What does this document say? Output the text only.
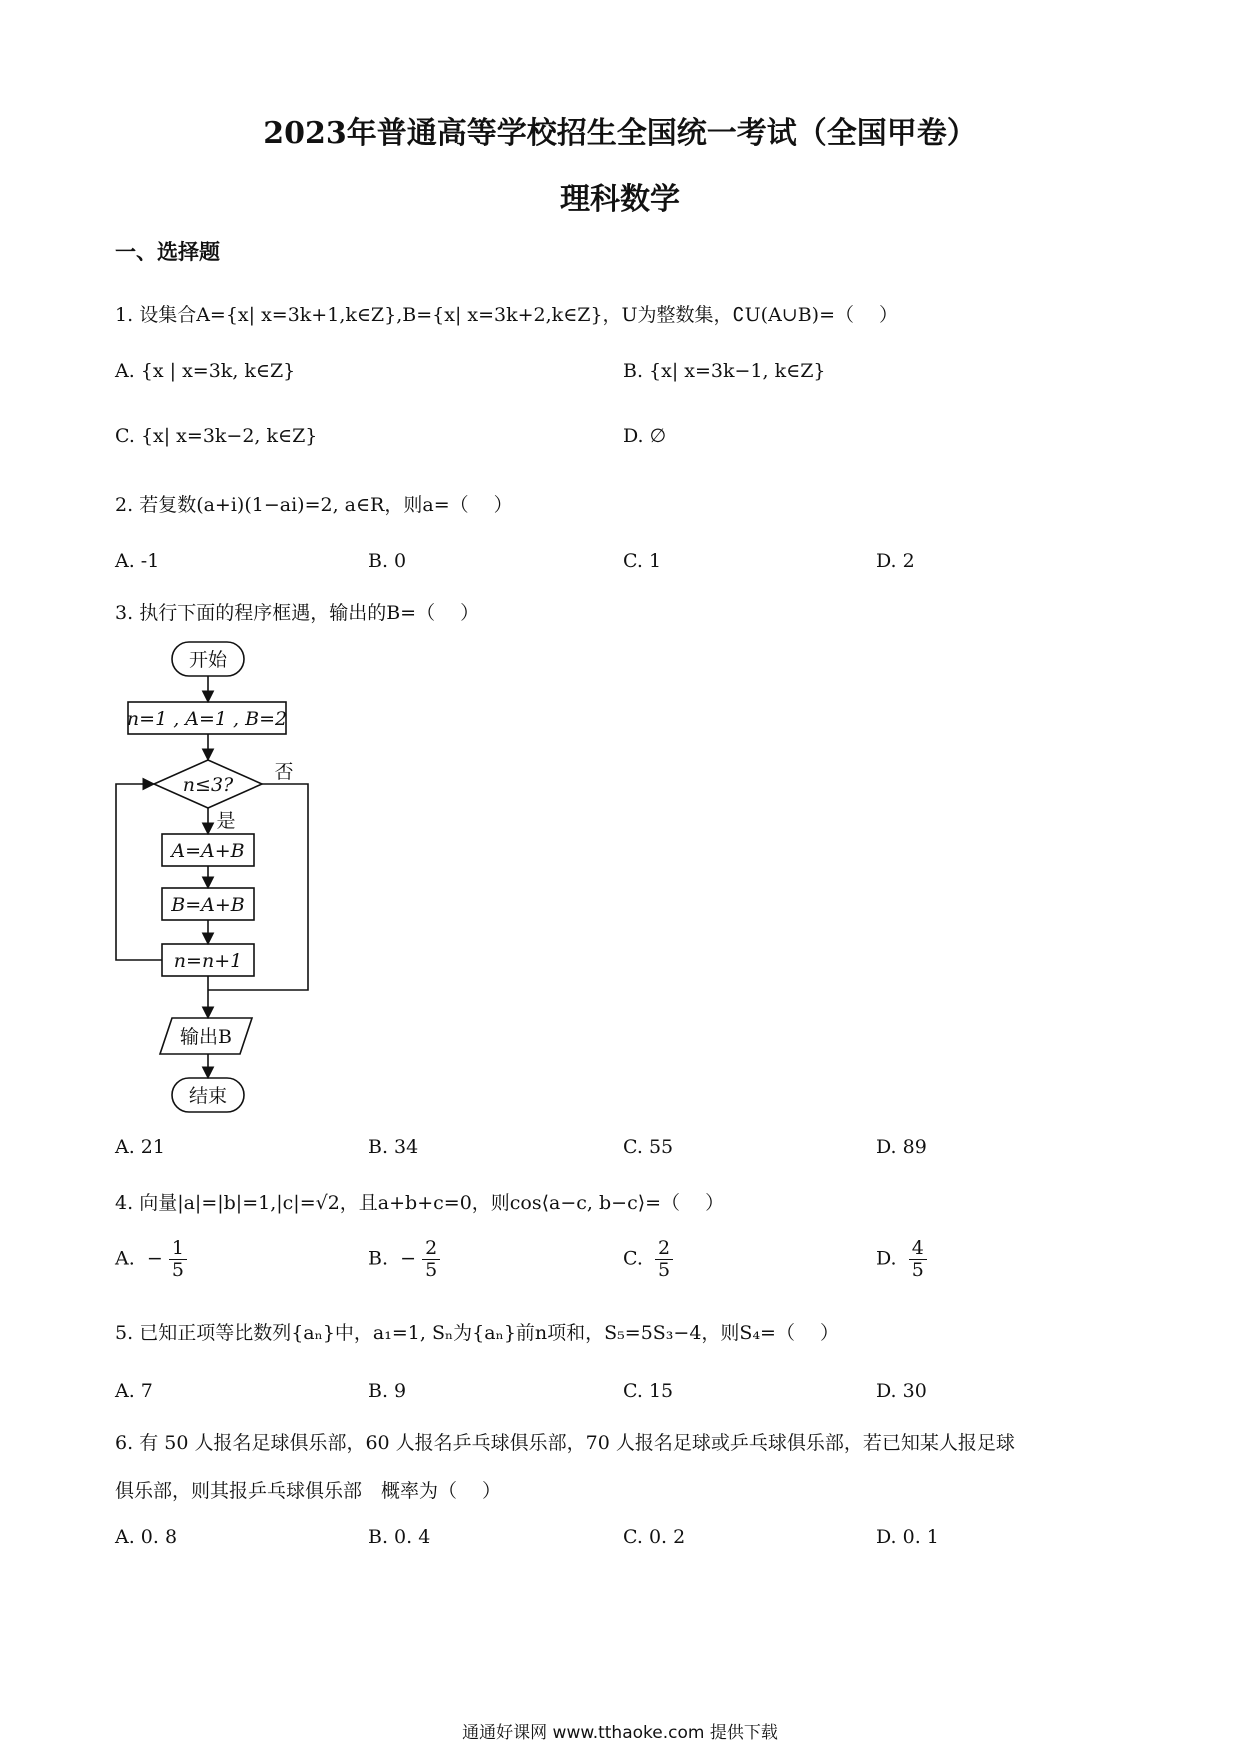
2023年普通高等学校招生全国统一考试（全国甲卷）
理科数学
一、选择题
1. 设集合A={x| x=3k+1,k∈Z},B={x| x=3k+2,k∈Z}，U为整数集，∁U(A∪B)=（　 ）
A. {x | x=3k, k∈Z}	B. {x| x=3k−1, k∈Z}
C. {x| x=3k−2, k∈Z}	D. ∅
2. 若复数(a+i)(1−ai)=2, a∈R，则a=（　 ）
A. -1	B. 0	C. 1	D. 2
3. 执行下面的程序框遇，输出的B=（　 ）
开始
n=1 , A=1 , B=2
n≤3?
否
是
A=A+B
B=A+B
n=n+1
输出B
结束
A. 21	B. 34	C. 55	D. 89
4. 向量|a|=|b|=1,|c|=√2，且a+b+c=0，则cos⟨a−c, b−c⟩=（　 ）
A. − $\frac{1}{5}$	B. − $\frac{2}{5}$	C. $\frac{2}{5}$	D. $\frac{4}{5}$
5. 已知正项等比数列{aₙ}中，a₁=1, Sₙ为{aₙ}前n项和，S₅=5S₃−4，则S₄=（　 ）
A. 7	B. 9	C. 15	D. 30
6. 有 50 人报名足球俱乐部，60 人报名乒乓球俱乐部，70 人报名足球或乒乓球俱乐部，若已知某人报足球
俱乐部，则其报乒乓球俱乐部　概率为（　 ）
A. 0. 8	B. 0. 4	C. 0. 2	D. 0. 1
通通好课网 www.tthaoke.com 提供下载
